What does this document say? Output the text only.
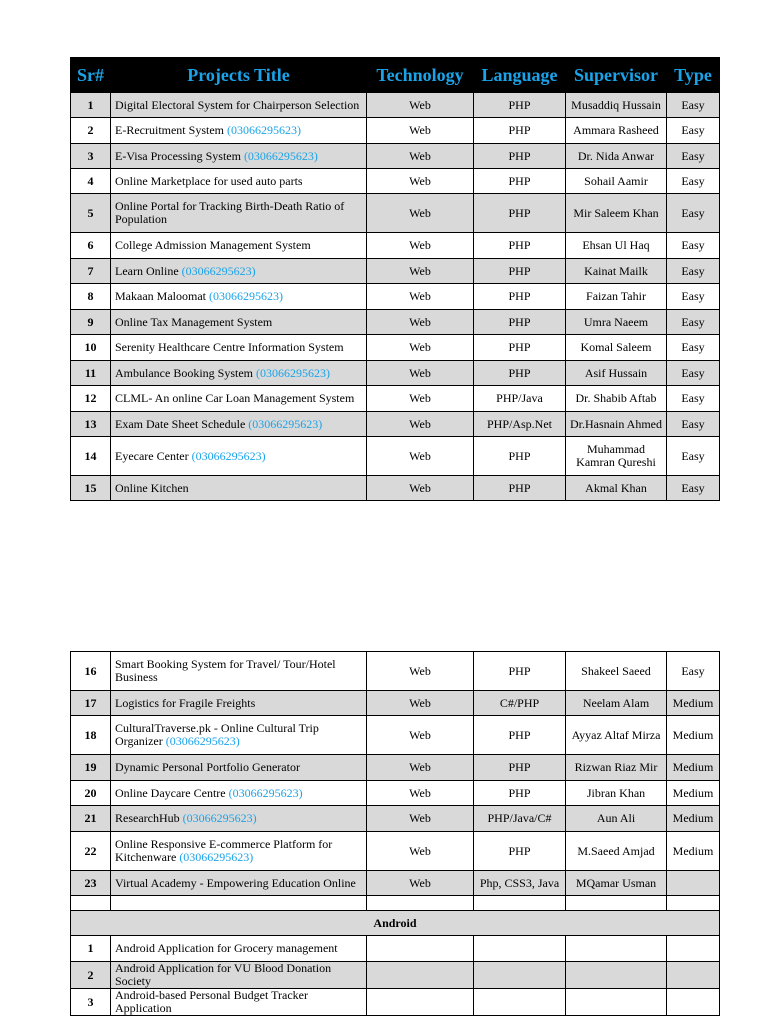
Sr#	Projects Title	Technology	Language	Supervisor	Type
1	Digital Electoral System for Chairperson Selection	Web	PHP	Musaddiq Hussain	Easy
2	E-Recruitment System (03066295623)	Web	PHP	Ammara Rasheed	Easy
3	E-Visa Processing System (03066295623)	Web	PHP	Dr. Nida Anwar	Easy
4	Online Marketplace for used auto parts	Web	PHP	Sohail Aamir	Easy
5	Online Portal for Tracking Birth-Death Ratio of Population	Web	PHP	Mir Saleem Khan	Easy
6	College Admission Management System	Web	PHP	Ehsan Ul Haq	Easy
7	Learn Online (03066295623)	Web	PHP	Kainat Mailk	Easy
8	Makaan Maloomat (03066295623)	Web	PHP	Faizan Tahir	Easy
9	Online Tax Management System	Web	PHP	Umra Naeem	Easy
10	Serenity Healthcare Centre Information System	Web	PHP	Komal Saleem	Easy
11	Ambulance Booking System (03066295623)	Web	PHP	Asif Hussain	Easy
12	CLML- An online Car Loan Management System	Web	PHP/Java	Dr. Shabib Aftab	Easy
13	Exam Date Sheet Schedule (03066295623)	Web	PHP/Asp.Net	Dr.Hasnain Ahmed	Easy
14	Eyecare Center (03066295623)	Web	PHP	Muhammad Kamran Qureshi	Easy
15	Online Kitchen	Web	PHP	Akmal Khan	Easy
16	Smart Booking System for Travel/ Tour/Hotel Business	Web	PHP	Shakeel Saeed	Easy
17	Logistics for Fragile Freights	Web	C#/PHP	Neelam Alam	Medium
18	CulturalTraverse.pk - Online Cultural Trip Organizer (03066295623)	Web	PHP	Ayyaz Altaf Mirza	Medium
19	Dynamic Personal Portfolio Generator	Web	PHP	Rizwan Riaz Mir	Medium
20	Online Daycare Centre (03066295623)	Web	PHP	Jibran Khan	Medium
21	ResearchHub (03066295623)	Web	PHP/Java/C#	Aun Ali	Medium
22	Online Responsive E-commerce Platform for Kitchenware (03066295623)	Web	PHP	M.Saeed Amjad	Medium
23	Virtual Academy - Empowering Education Online	Web	Php, CSS3, Java	MQamar Usman	

Android					
1	Android Application for Grocery management				
2	Android Application for VU Blood Donation Society				
3	Android-based Personal Budget Tracker Application				
